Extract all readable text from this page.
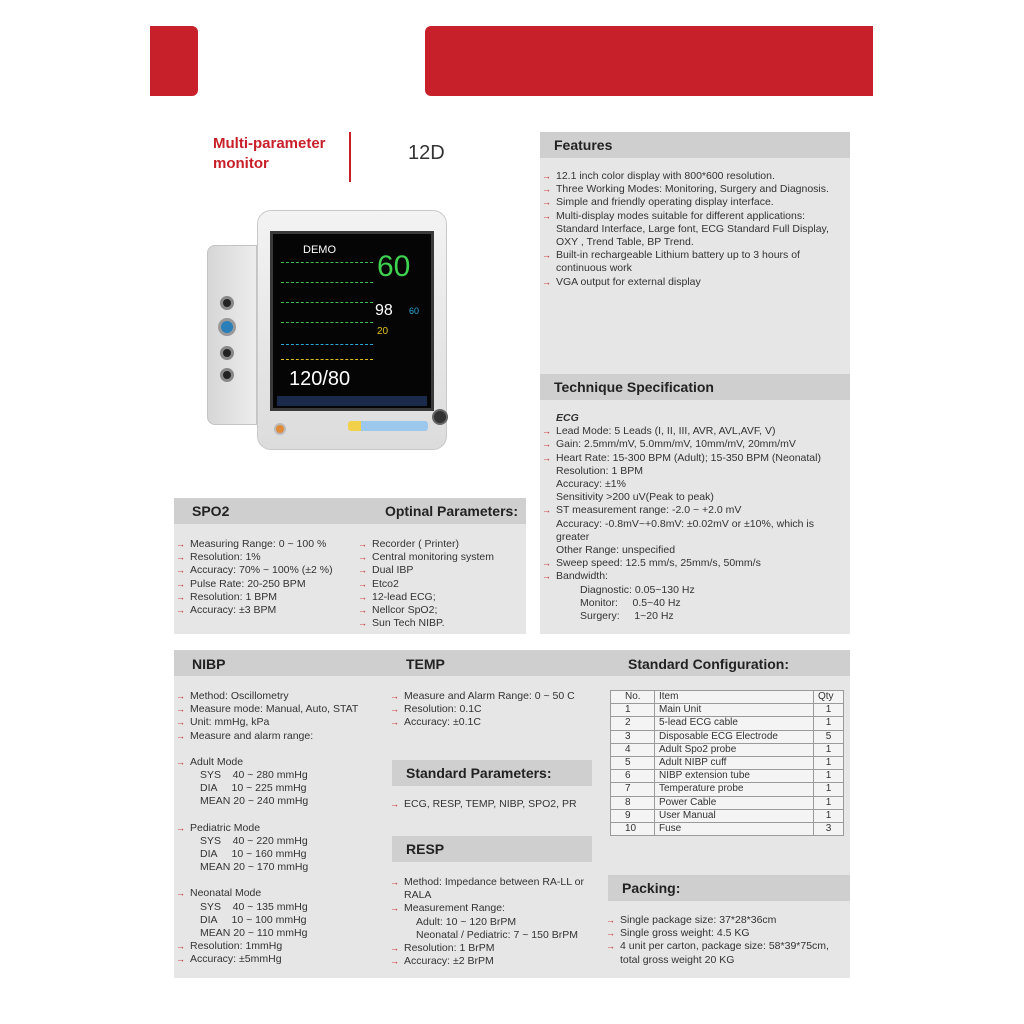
Multi-parameter
monitor	12D
DEMO 60
98 60
20
120/80
Features
→ 12.1 inch color display with 800*600 resolution.
→ Three Working Modes: Monitoring, Surgery and Diagnosis.
→ Simple and friendly operating display interface.
→ Multi-display modes suitable for different applications: Standard Interface, Large font, ECG Standard Full Display, OXY , Trend Table, BP Trend.
→ Built-in rechargeable Lithium battery up to 3 hours of continuous work
→ VGA output for external display
Technique Specification
ECG
→ Lead Mode: 5 Leads (I, II, III, AVR, AVL,AVF, V)
→ Gain: 2.5mm/mV, 5.0mm/mV, 10mm/mV, 20mm/mV
→ Heart Rate: 15-300 BPM (Adult); 15-350 BPM (Neonatal)
Resolution: 1 BPM
Accuracy: ±1%
Sensitivity >200 uV(Peak to peak)
→ ST measurement range: -2.0 ~ +2.0 mV
Accuracy: -0.8mV~+0.8mV: ±0.02mV or ±10%, which is greater
Other Range: unspecified
→ Sweep speed: 12.5 mm/s, 25mm/s, 50mm/s
→ Bandwidth:
Diagnostic: 0.05~130 Hz
Monitor:     0.5~40 Hz
Surgery:     1~20 Hz
SPO2	Optinal Parameters:
→ Measuring Range: 0 ~ 100 %
→ Resolution: 1%
→ Accuracy: 70% ~ 100% (±2 %)
→ Pulse Rate: 20-250 BPM
→ Resolution: 1 BPM
→ Accuracy: ±3 BPM
→ Recorder ( Printer)
→ Central monitoring system
→ Dual IBP
→ Etco2
→ 12-lead ECG;
→ Nellcor SpO2;
→ Sun Tech NIBP.
NIBP	TEMP	Standard Configuration:
→ Method: Oscillometry
→ Measure mode: Manual, Auto, STAT
→ Unit: mmHg, kPa
→ Measure and alarm range:
→ Adult Mode
SYS    40 ~ 280 mmHg
DIA     10 ~ 225 mmHg
MEAN 20 ~ 240 mmHg
→ Pediatric Mode
SYS    40 ~ 220 mmHg
DIA     10 ~ 160 mmHg
MEAN 20 ~ 170 mmHg
→ Neonatal Mode
SYS    40 ~ 135 mmHg
DIA     10 ~ 100 mmHg
MEAN 20 ~ 110 mmHg
→ Resolution: 1mmHg
→ Accuracy: ±5mmHg
→ Measure and Alarm Range: 0 ~ 50 C
→ Resolution: 0.1C
→ Accuracy: ±0.1C
Standard Parameters:
→ ECG, RESP, TEMP, NIBP, SPO2, PR
RESP
→ Method: Impedance between RA-LL or RALA
→ Measurement Range:
Adult: 10 ~ 120 BrPM
Neonatal / Pediatric: 7 ~ 150 BrPM
→ Resolution: 1 BrPM
→ Accuracy: ±2 BrPM
No.	Item	Qty
1	Main Unit	1
2	5-lead ECG cable	1
3	Disposable ECG Electrode	5
4	Adult Spo2 probe	1
5	Adult NIBP cuff	1
6	NIBP extension tube	1
7	Temperature probe	1
8	Power Cable	1
9	User Manual	1
10	Fuse	3
Packing:
→ Single package size: 37*28*36cm
→ Single gross weight: 4.5 KG
→ 4 unit per carton, package size: 58*39*75cm, total gross weight 20 KG
